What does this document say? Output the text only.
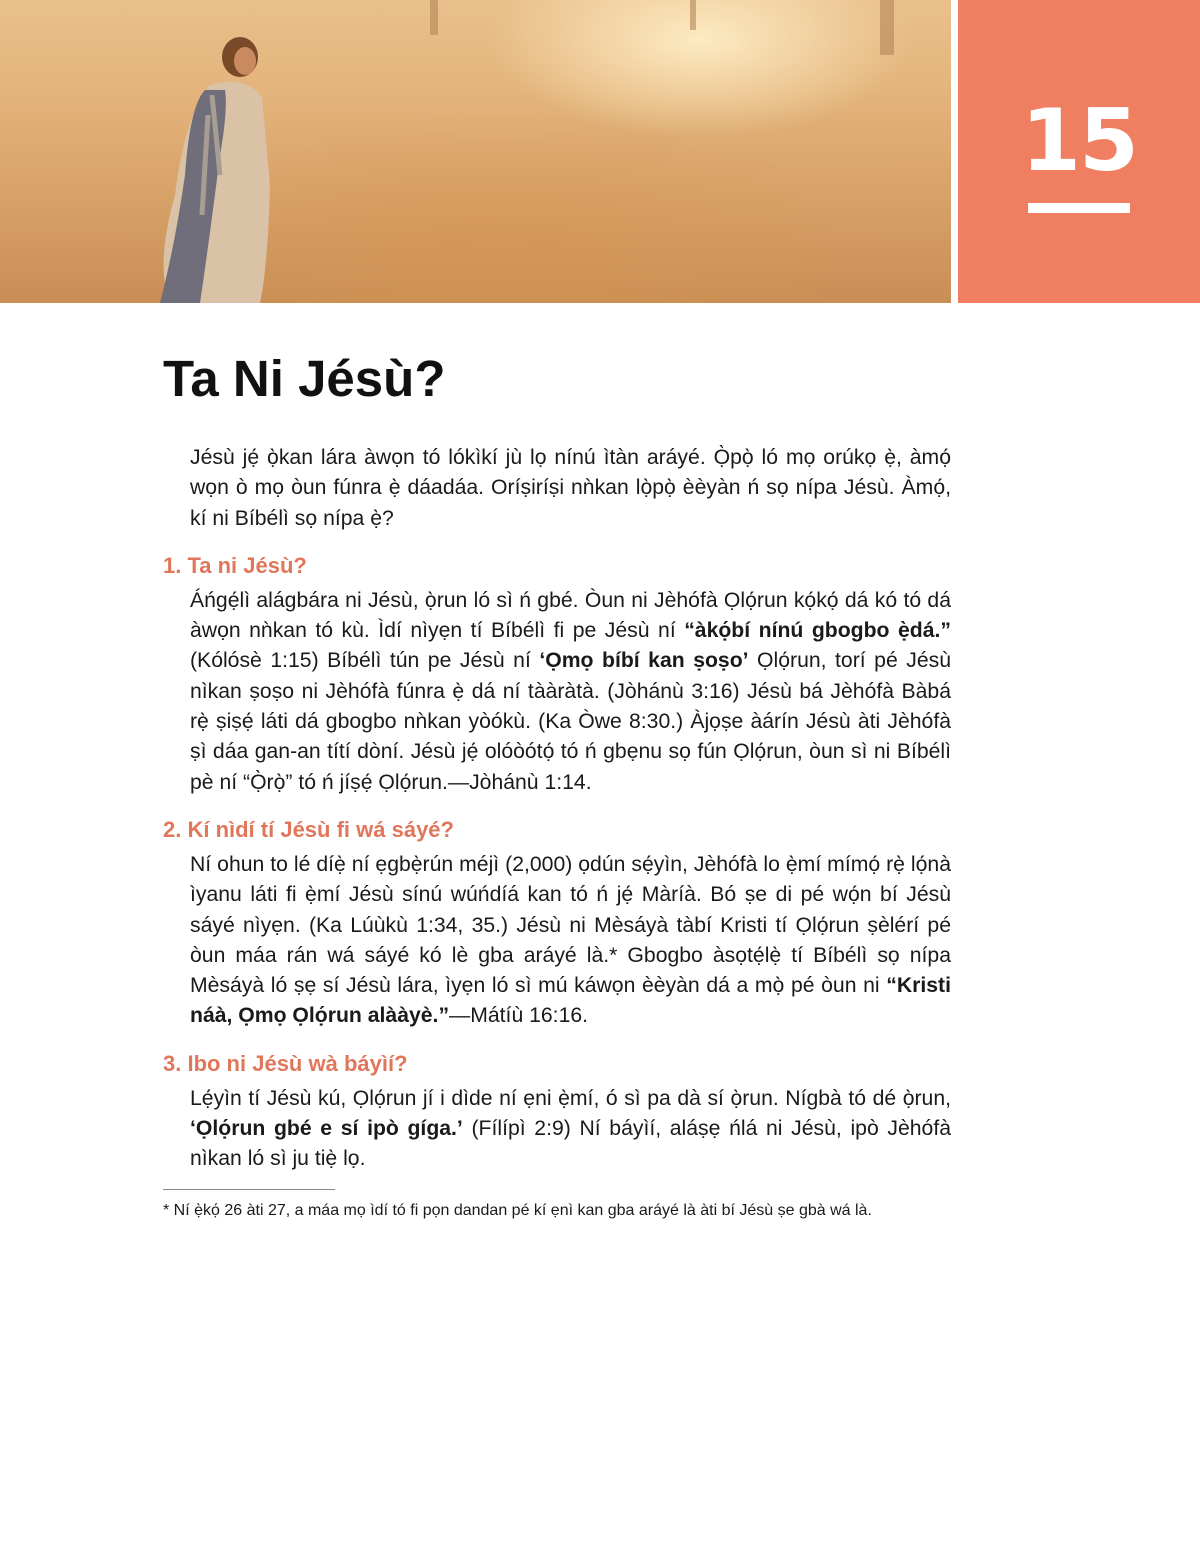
15
Ta Ni Jésù?

Jésù jẹ́ ọ̀kan lára àwọn tó lókìkí jù lọ nínú ìtàn aráyé. Ọ̀pọ̀ ló mọ orúkọ ẹ̀, àmọ́ wọn ò mọ òun fúnra ẹ̀ dáadáa. Oríṣiríṣi nǹkan lọ̀pọ̀ èèyàn ń sọ nípa Jésù. Àmọ́, kí ni Bíbélì sọ nípa ẹ̀?

1. Ta ni Jésù?

Áńgẹ́lì alágbára ni Jésù, ọ̀run ló sì ń gbé. Òun ni Jèhófà Ọlọ́run kọ́kọ́ dá kó tó dá àwọn nǹkan tó kù. Ìdí nìyẹn tí Bíbélì fi pe Jésù ní “àkọ́bí nínú gbogbo ẹ̀dá.” (Kólósè 1:15) Bíbélì tún pe Jésù ní ‘Ọmọ bíbí kan ṣoṣo’ Ọlọ́run, torí pé Jésù nìkan ṣoṣo ni Jèhófà fúnra ẹ̀ dá ní tààràtà. (Jòhánù 3:16) Jésù bá Jèhófà Bàbá rẹ̀ ṣiṣẹ́ láti dá gbogbo nǹkan yòókù. (Ka Òwe 8:30.) Àjọṣe àárín Jésù àti Jèhófà ṣì dáa gan-an títí dòní. Jésù jẹ́ olóòótọ́ tó ń gbẹnu sọ fún Ọlọ́run, òun sì ni Bíbélì pè ní “Ọ̀rọ̀” tó ń jíṣẹ́ Ọlọ́run.—Jòhánù 1:14.

2. Kí nìdí tí Jésù fi wá sáyé?

Ní ohun to lé díẹ̀ ní ẹgbẹ̀rún méjì (2,000) ọdún sẹ́yìn, Jèhófà lo ẹ̀mí mímọ́ rẹ̀ lọ́nà ìyanu láti fi ẹ̀mí Jésù sínú wúńdíá kan tó ń jẹ́ Màríà. Bó ṣe di pé wọ́n bí Jésù sáyé nìyẹn. (Ka Lúùkù 1:34, 35.) Jésù ni Mèsáyà tàbí Kristi tí Ọlọ́run ṣèlérí pé òun máa rán wá sáyé kó lè gba aráyé là.* Gbogbo àsọtẹ́lẹ̀ tí Bíbélì sọ nípa Mèsáyà ló ṣẹ sí Jésù lára, ìyẹn ló sì mú káwọn èèyàn dá a mọ̀ pé òun ni “Kristi náà, Ọmọ Ọlọ́run alààyè.”—Mátíù 16:16.

3. Ibo ni Jésù wà báyìí?

Lẹ́yìn tí Jésù kú, Ọlọ́run jí i dìde ní ẹni ẹ̀mí, ó sì pa dà sí ọ̀run. Nígbà tó dé ọ̀run, ‘Ọlọ́run gbé e sí ipò gíga.’ (Fílípì 2:9) Ní báyìí, aláṣẹ ńlá ni Jésù, ipò Jèhófà nìkan ló sì ju tiẹ̀ lọ.

* Ní ẹ̀kọ́ 26 àti 27, a máa mọ ìdí tó fi pọn dandan pé kí ẹnì kan gba aráyé là àti bí Jésù ṣe gbà wá là.
